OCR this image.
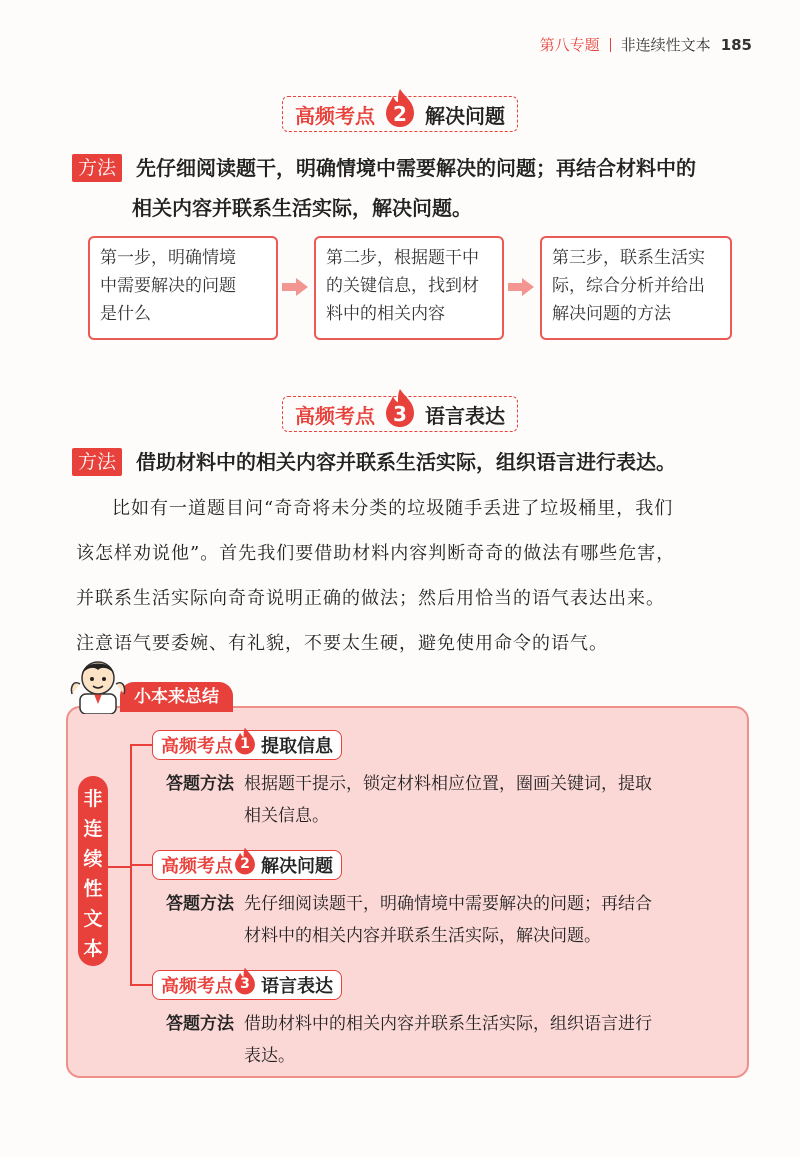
第八专题 非连续性文本 185
高频考点 2 解决问题
方法	先仔细阅读题干，明确情境中需要解决的问题；再结合材料中的
相关内容并联系生活实际，解决问题。
第一步，明确情境
中需要解决的问题
是什么
第二步，根据题干中
的关键信息，找到材
料中的相关内容
第三步，联系生活实
际，综合分析并给出
解决问题的方法
高频考点 3 语言表达
方法	借助材料中的相关内容并联系生活实际，组织语言进行表达。
比如有一道题目问“奇奇将未分类的垃圾随手丢进了垃圾桶里，我们
该怎样劝说他”。首先我们要借助材料内容判断奇奇的做法有哪些危害，
并联系生活实际向奇奇说明正确的做法；然后用恰当的语气表达出来。
注意语气要委婉、有礼貌，不要太生硬，避免使用命令的语气。
小本来总结
非
连
续
性
文
本
高频考点 1 提取信息
答题方法 根据题干提示，锁定材料相应位置，圈画关键词，提取
相关信息。
高频考点 2 解决问题
答题方法 先仔细阅读题干，明确情境中需要解决的问题；再结合
材料中的相关内容并联系生活实际，解决问题。
高频考点 3 语言表达
答题方法 借助材料中的相关内容并联系生活实际，组织语言进行
表达。
